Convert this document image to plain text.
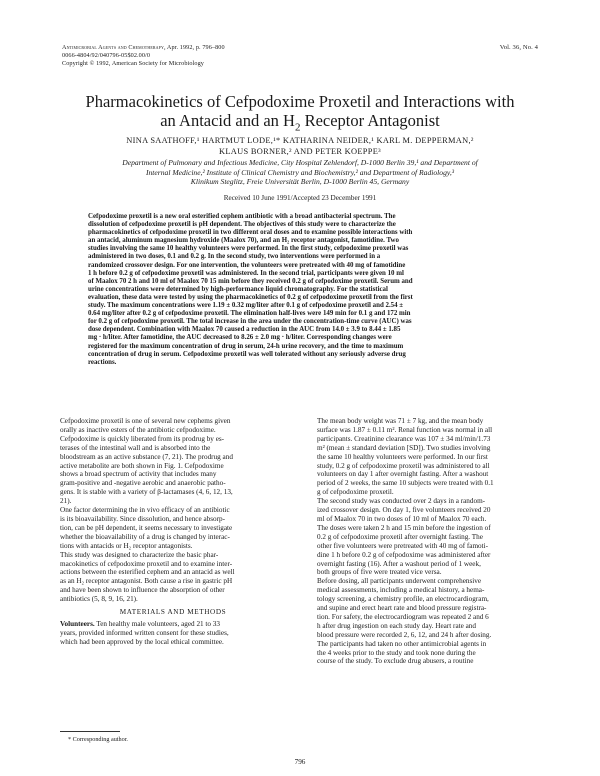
Antimicrobial Agents and Chemotherapy, Apr. 1992, p. 796–800
0066-4804/92/040796-05$02.00/0
Copyright © 1992, American Society for Microbiology
Vol. 36, No. 4
Pharmacokinetics of Cefpodoxime Proxetil and Interactions with
an Antacid and an $H_2$ Receptor Antagonist
NINA SAATHOFF,¹ HARTMUT LODE,¹* KATHARINA NEIDER,¹ KARL M. DEPPERMAN,²
KLAUS BORNER,² AND PETER KOEPPE³
Department of Pulmonary and Infectious Medicine, City Hospital Zehlendorf, D-1000 Berlin 39,¹ and Department of
Internal Medicine,² Institute of Clinical Chemistry and Biochemistry,² and Department of Radiology,³
Klinikum Steglitz, Freie Universität Berlin, D-1000 Berlin 45, Germany
Received 10 June 1991/Accepted 23 December 1991
Cefpodoxime proxetil is a new oral esterified cephem antibiotic with a broad antibacterial spectrum. The
dissolution of cefpodoxime proxetil is pH dependent. The objectives of this study were to characterize the
pharmacokinetics of cefpodoxime proxetil in two different oral doses and to examine possible interactions with
an antacid, aluminum magnesium hydroxide (Maalox 70), and an H₂ receptor antagonist, famotidine. Two
studies involving the same 10 healthy volunteers were performed. In the first study, cefpodoxime proxetil was
administered in two doses, 0.1 and 0.2 g. In the second study, two interventions were performed in a
randomized crossover design. For one intervention, the volunteers were pretreated with 40 mg of famotidine
1 h before 0.2 g of cefpodoxime proxetil was administered. In the second trial, participants were given 10 ml
of Maalox 70 2 h and 10 ml of Maalox 70 15 min before they received 0.2 g of cefpodoxime proxetil. Serum and
urine concentrations were determined by high-performance liquid chromatography. For the statistical
evaluation, these data were tested by using the pharmacokinetics of 0.2 g of cefpodoxime proxetil from the first
study. The maximum concentrations were 1.19 ± 0.32 mg/liter after 0.1 g of cefpodoxime proxetil and 2.54 ±
0.64 mg/liter after 0.2 g of cefpodoxime proxetil. The elimination half-lives were 149 min for 0.1 g and 172 min
for 0.2 g of cefpodoxime proxetil. The total increase in the area under the concentration-time curve (AUC) was
dose dependent. Combination with Maalox 70 caused a reduction in the AUC from 14.0 ± 3.9 to 8.44 ± 1.85
mg · h/liter. After famotidine, the AUC decreased to 8.26 ± 2.0 mg · h/liter. Corresponding changes were
registered for the maximum concentration of drug in serum, 24-h urine recovery, and the time to maximum
concentration of drug in serum. Cefpodoxime proxetil was well tolerated without any seriously adverse drug
reactions.
Cefpodoxime proxetil is one of several new cephems given
orally as inactive esters of the antibiotic cefpodoxime.
Cefpodoxime is quickly liberated from its prodrug by es-
terases of the intestinal wall and is absorbed into the
bloodstream as an active substance (7, 21). The prodrug and
active metabolite are both shown in Fig. 1. Cefpodoxime
shows a broad spectrum of activity that includes many
gram-positive and -negative aerobic and anaerobic patho-
gens. It is stable with a variety of β-lactamases (4, 6, 12, 13,
21).
One factor determining the in vivo efficacy of an antibiotic
is its bioavailability. Since dissolution, and hence absorp-
tion, can be pH dependent, it seems necessary to investigate
whether the bioavailability of a drug is changed by interac-
tions with antacids or H₂ receptor antagonists.
This study was designed to characterize the basic phar-
macokinetics of cefpodoxime proxetil and to examine inter-
actions between the esterified cephem and an antacid as well
as an H₂ receptor antagonist. Both cause a rise in gastric pH
and have been shown to influence the absorption of other
antibiotics (5, 8, 9, 16, 21).
MATERIALS AND METHODS
Volunteers. Ten healthy male volunteers, aged 21 to 33
years, provided informed written consent for these studies,
which had been approved by the local ethical committee.
The mean body weight was 71 ± 7 kg, and the mean body
surface was 1.87 ± 0.11 m². Renal function was normal in all
participants. Creatinine clearance was 107 ± 34 ml/min/1.73
m² (mean ± standard deviation [SD]). Two studies involving
the same 10 healthy volunteers were performed. In our first
study, 0.2 g of cefpodoxime proxetil was administered to all
volunteers on day 1 after overnight fasting. After a washout
period of 2 weeks, the same 10 subjects were treated with 0.1
g of cefpodoxime proxetil.
The second study was conducted over 2 days in a random-
ized crossover design. On day 1, five volunteers received 20
ml of Maalox 70 in two doses of 10 ml of Maalox 70 each.
The doses were taken 2 h and 15 min before the ingestion of
0.2 g of cefpodoxime proxetil after overnight fasting. The
other five volunteers were pretreated with 40 mg of famoti-
dine 1 h before 0.2 g of cefpodoxime was administered after
overnight fasting (16). After a washout period of 1 week,
both groups of five were treated vice versa.
Before dosing, all participants underwent comprehensive
medical assessments, including a medical history, a hema-
tology screening, a chemistry profile, an electrocardiogram,
and supine and erect heart rate and blood pressure registra-
tion. For safety, the electrocardiogram was repeated 2 and 6
h after drug ingestion on each study day. Heart rate and
blood pressure were recorded 2, 6, 12, and 24 h after dosing.
The participants had taken no other antimicrobial agents in
the 4 weeks prior to the study and took none during the
course of the study. To exclude drug abusers, a routine
* Corresponding author.
796
